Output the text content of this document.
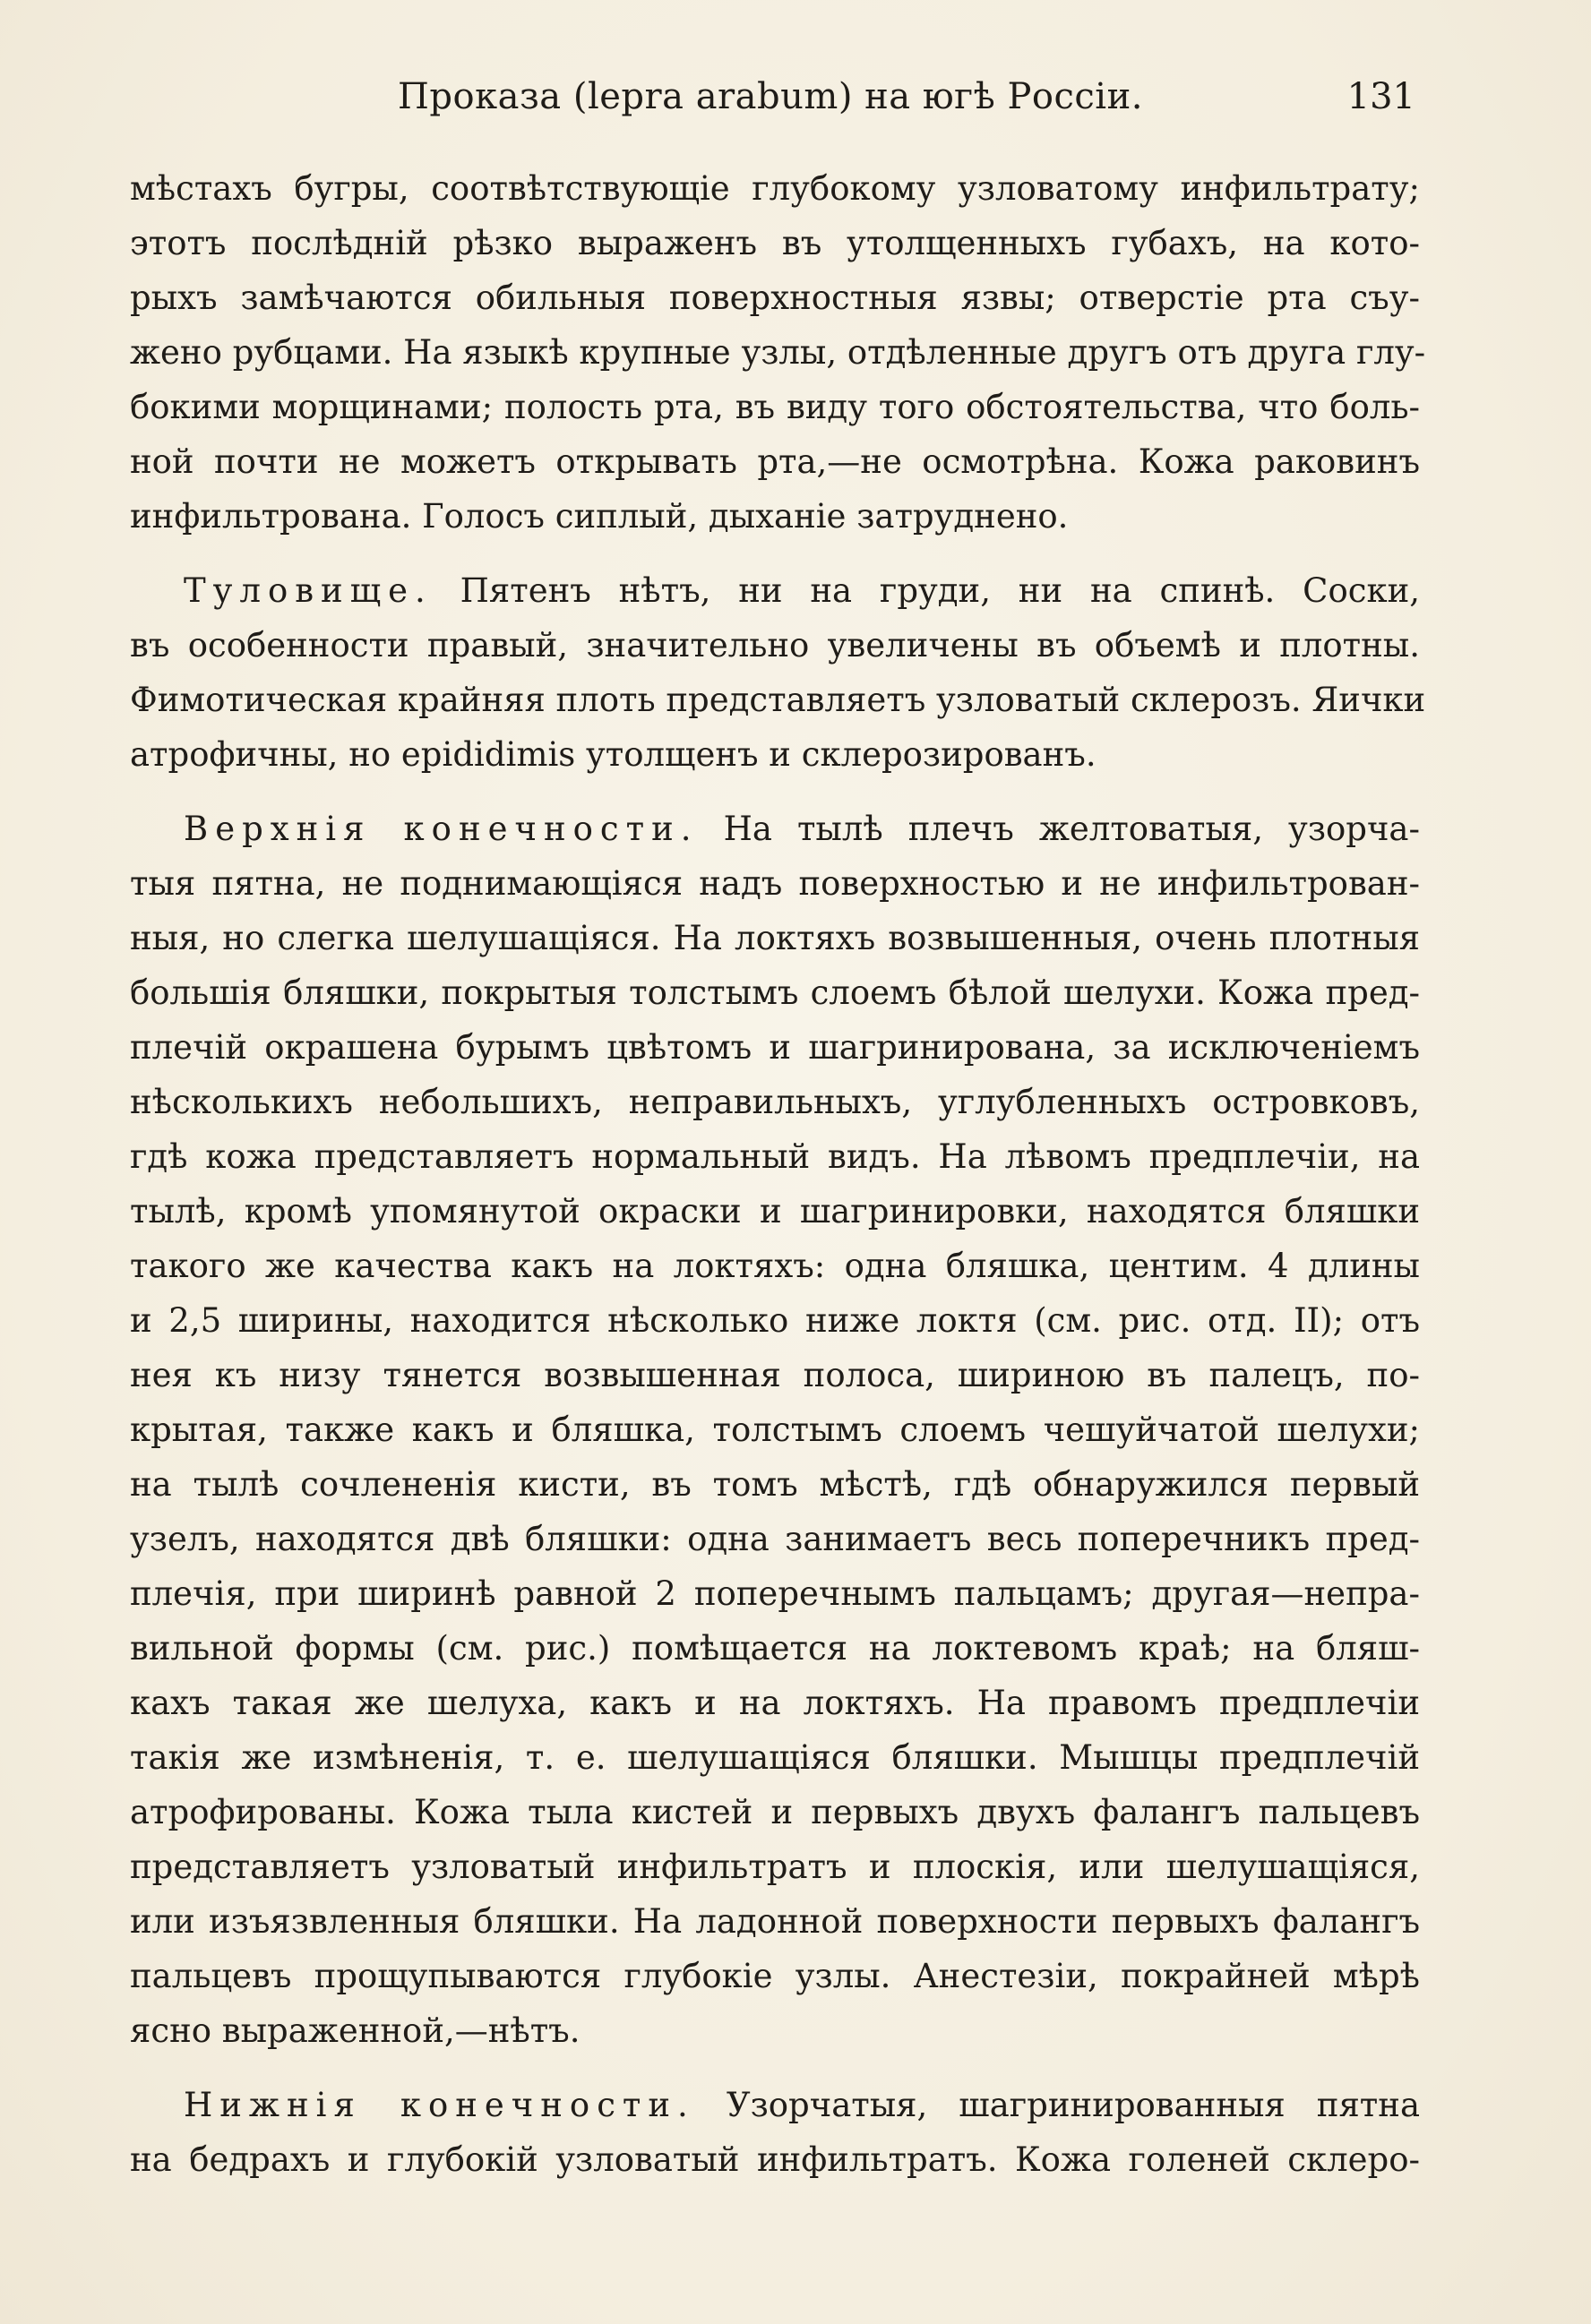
Проказа (lepra arabum) на югѣ Россіи.	131
мѣстахъ бугры, соотвѣтствующіе глубокому узловатому инфильтрату;
этотъ послѣдній рѣзко выраженъ въ утолщенныхъ губахъ, на кото-
рыхъ замѣчаются обильныя поверхностныя язвы; отверстіе рта съу-
жено рубцами. На языкѣ крупные узлы, отдѣленные другъ отъ друга глу-
бокими морщинами; полость рта, въ виду того обстоятельства, что боль-
ной почти не можетъ открывать рта,—не осмотрѣна. Кожа раковинъ
инфильтрована. Голосъ сиплый, дыханіе затруднено.
Туловище. Пятенъ нѣтъ, ни на груди, ни на спинѣ. Соски,
въ особенности правый, значительно увеличены въ объемѣ и плотны.
Фимотическая крайняя плоть представляетъ узловатый склерозъ. Яички
атрофичны, но epididimis утолщенъ и склерозированъ.
Верхнія конечности. На тылѣ плечъ желтоватыя, узорча-
тыя пятна, не поднимающіяся надъ поверхностью и не инфильтрован-
ныя, но слегка шелушащіяся. На локтяхъ возвышенныя, очень плотныя
большія бляшки, покрытыя толстымъ слоемъ бѣлой шелухи. Кожа пред-
плечій окрашена бурымъ цвѣтомъ и шагринирована, за исключеніемъ
нѣсколькихъ небольшихъ, неправильныхъ, углубленныхъ островковъ,
гдѣ кожа представляетъ нормальный видъ. На лѣвомъ предплечіи, на
тылѣ, кромѣ упомянутой окраски и шагринировки, находятся бляшки
такого же качества какъ на локтяхъ: одна бляшка, центим. 4 длины
и 2,5 ширины, находится нѣсколько ниже локтя (см. рис. отд. II); отъ
нея къ низу тянется возвышенная полоса, шириною въ палецъ, по-
крытая, также какъ и бляшка, толстымъ слоемъ чешуйчатой шелухи;
на тылѣ сочлененія кисти, въ томъ мѣстѣ, гдѣ обнаружился первый
узелъ, находятся двѣ бляшки: одна занимаетъ весь поперечникъ пред-
плечія, при ширинѣ равной 2 поперечнымъ пальцамъ; другая—непра-
вильной формы (см. рис.) помѣщается на локтевомъ краѣ; на бляш-
кахъ такая же шелуха, какъ и на локтяхъ. На правомъ предплечіи
такія же измѣненія, т. е. шелушащіяся бляшки. Мышцы предплечій
атрофированы. Кожа тыла кистей и первыхъ двухъ фалангъ пальцевъ
представляетъ узловатый инфильтратъ и плоскія, или шелушащіяся,
или изъязвленныя бляшки. На ладонной поверхности первыхъ фалангъ
пальцевъ прощупываются глубокіе узлы. Анестезіи, покрайней мѣрѣ
ясно выраженной,—нѣтъ.
Нижнія конечности. Узорчатыя, шагринированныя пятна
на бедрахъ и глубокій узловатый инфильтратъ. Кожа голеней склеро-
